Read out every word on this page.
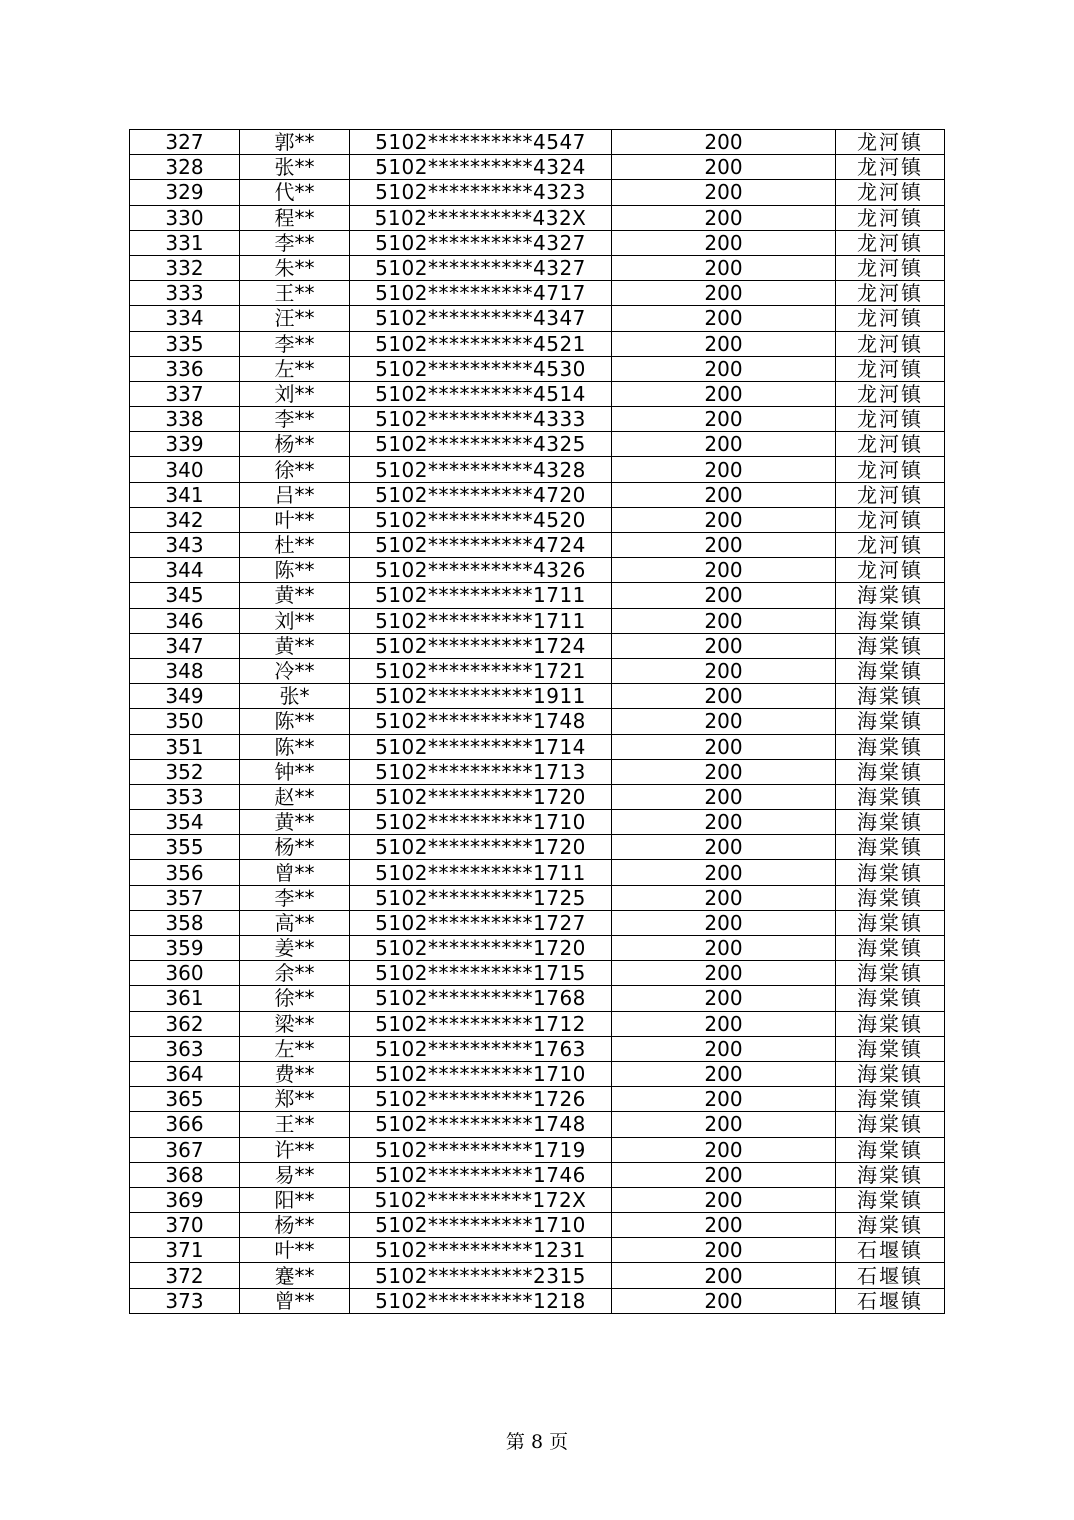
327	郭**	5102**********4547	200	龙河镇
328	张**	5102**********4324	200	龙河镇
329	代**	5102**********4323	200	龙河镇
330	程**	5102**********432X	200	龙河镇
331	李**	5102**********4327	200	龙河镇
332	朱**	5102**********4327	200	龙河镇
333	王**	5102**********4717	200	龙河镇
334	汪**	5102**********4347	200	龙河镇
335	李**	5102**********4521	200	龙河镇
336	左**	5102**********4530	200	龙河镇
337	刘**	5102**********4514	200	龙河镇
338	李**	5102**********4333	200	龙河镇
339	杨**	5102**********4325	200	龙河镇
340	徐**	5102**********4328	200	龙河镇
341	吕**	5102**********4720	200	龙河镇
342	叶**	5102**********4520	200	龙河镇
343	杜**	5102**********4724	200	龙河镇
344	陈**	5102**********4326	200	龙河镇
345	黄**	5102**********1711	200	海棠镇
346	刘**	5102**********1711	200	海棠镇
347	黄**	5102**********1724	200	海棠镇
348	冷**	5102**********1721	200	海棠镇
349	张*	5102**********1911	200	海棠镇
350	陈**	5102**********1748	200	海棠镇
351	陈**	5102**********1714	200	海棠镇
352	钟**	5102**********1713	200	海棠镇
353	赵**	5102**********1720	200	海棠镇
354	黄**	5102**********1710	200	海棠镇
355	杨**	5102**********1720	200	海棠镇
356	曾**	5102**********1711	200	海棠镇
357	李**	5102**********1725	200	海棠镇
358	高**	5102**********1727	200	海棠镇
359	姜**	5102**********1720	200	海棠镇
360	余**	5102**********1715	200	海棠镇
361	徐**	5102**********1768	200	海棠镇
362	梁**	5102**********1712	200	海棠镇
363	左**	5102**********1763	200	海棠镇
364	费**	5102**********1710	200	海棠镇
365	郑**	5102**********1726	200	海棠镇
366	王**	5102**********1748	200	海棠镇
367	许**	5102**********1719	200	海棠镇
368	易**	5102**********1746	200	海棠镇
369	阳**	5102**********172X	200	海棠镇
370	杨**	5102**********1710	200	海棠镇
371	叶**	5102**********1231	200	石堰镇
372	蹇**	5102**********2315	200	石堰镇
373	曾**	5102**********1218	200	石堰镇
第 8 页
